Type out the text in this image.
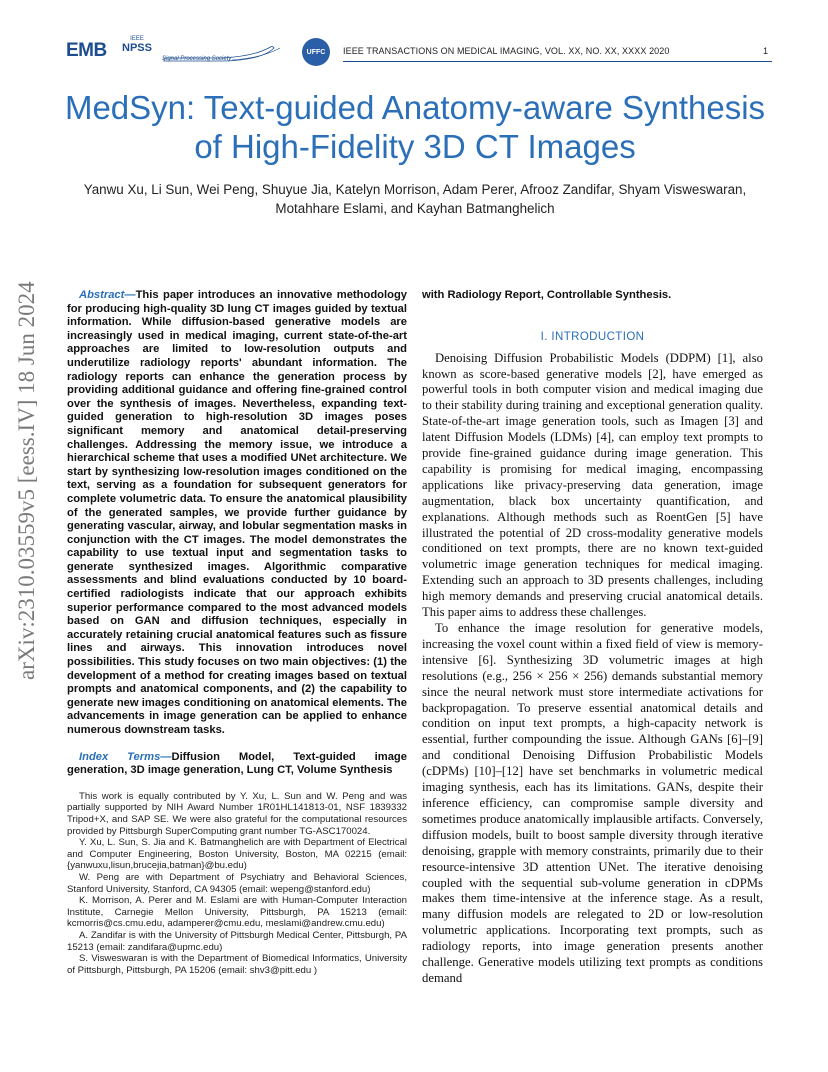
EMB
IEEE
NPSS
Signal Processing Society
UFFC	IEEE TRANSACTIONS ON MEDICAL IMAGING, VOL. XX, NO. XX, XXXX 2020	1
MedSyn: Text-guided Anatomy-aware Synthesis of High-Fidelity 3D CT Images
Yanwu Xu, Li Sun, Wei Peng, Shuyue Jia, Katelyn Morrison, Adam Perer, Afrooz Zandifar, Shyam Visweswaran, Motahhare Eslami, and Kayhan Batmanghelich
arXiv:2310.03559v5 [eess.IV] 18 Jun 2024	Abstract—This paper introduces an innovative methodology for producing high-quality 3D lung CT images guided by textual information. While diffusion-based generative models are increasingly used in medical imaging, current state-of-the-art approaches are limited to low-resolution outputs and underutilize radiology reports' abundant information. The radiology reports can enhance the generation process by providing additional guidance and offering fine-grained control over the synthesis of images. Nevertheless, expanding text-guided generation to high-resolution 3D images poses significant memory and anatomical detail-preserving challenges. Addressing the memory issue, we introduce a hierarchical scheme that uses a modified UNet architecture. We start by synthesizing low-resolution images conditioned on the text, serving as a foundation for subsequent generators for complete volumetric data. To ensure the anatomical plausibility of the generated samples, we provide further guidance by generating vascular, airway, and lobular segmentation masks in conjunction with the CT images. The model demonstrates the capability to use textual input and segmentation tasks to generate synthesized images. Algorithmic comparative assessments and blind evaluations conducted by 10 board-certified radiologists indicate that our approach exhibits superior performance compared to the most advanced models based on GAN and diffusion techniques, especially in accurately retaining crucial anatomical features such as fissure lines and airways. This innovation introduces novel possibilities. This study focuses on two main objectives: (1) the development of a method for creating images based on textual prompts and anatomical components, and (2) the capability to generate new images conditioning on anatomical elements. The advancements in image generation can be applied to enhance numerous downstream tasks.

Index Terms—Diffusion Model, Text-guided image generation, 3D image generation, Lung CT, Volume Synthesis

This work is equally contributed by Y. Xu, L. Sun and W. Peng and was partially supported by NIH Award Number 1R01HL141813-01, NSF 1839332 Tripod+X, and SAP SE. We were also grateful for the computational resources provided by Pittsburgh SuperComputing grant number TG-ASC170024.

Y. Xu, L. Sun, S. Jia and K. Batmanghelich are with Department of Electrical and Computer Engineering, Boston University, Boston, MA 02215 (email: {yanwuxu,lisun,brucejia,batman}@bu.edu)

W. Peng are with Department of Psychiatry and Behavioral Sciences, Stanford University, Stanford, CA 94305 (email: wepeng@stanford.edu)

K. Morrison, A. Perer and M. Eslami are with Human-Computer Interaction Institute, Carnegie Mellon University, Pittsburgh, PA 15213 (email: kcmorris@cs.cmu.edu, adamperer@cmu.edu, meslami@andrew.cmu.edu)

A. Zandifar is with the University of Pittsburgh Medical Center, Pittsburgh, PA 15213 (email: zandifara@upmc.edu)

S. Visweswaran is with the Department of Biomedical Informatics, University of Pittsburgh, Pittsburgh, PA 15206 (email: shv3@pitt.edu )

with Radiology Report, Controllable Synthesis.

I. INTRODUCTION

Denoising Diffusion Probabilistic Models (DDPM) [1], also known as score-based generative models [2], have emerged as powerful tools in both computer vision and medical imaging due to their stability during training and exceptional generation quality. State-of-the-art image generation tools, such as Imagen [3] and latent Diffusion Models (LDMs) [4], can employ text prompts to provide fine-grained guidance during image generation. This capability is promising for medical imaging, encompassing applications like privacy-preserving data generation, image augmentation, black box uncertainty quantification, and explanations. Although methods such as RoentGen [5] have illustrated the potential of 2D cross-modality generative models conditioned on text prompts, there are no known text-guided volumetric image generation techniques for medical imaging. Extending such an approach to 3D presents challenges, including high memory demands and preserving crucial anatomical details. This paper aims to address these challenges.

To enhance the image resolution for generative models, increasing the voxel count within a fixed field of view is memory-intensive [6]. Synthesizing 3D volumetric images at high resolutions (e.g., 256 × 256 × 256) demands substantial memory since the neural network must store intermediate activations for backpropagation. To preserve essential anatomical details and condition on input text prompts, a high-capacity network is essential, further compounding the issue. Although GANs [6]–[9] and conditional Denoising Diffusion Probabilistic Models (cDPMs) [10]–[12] have set benchmarks in volumetric medical imaging synthesis, each has its limitations. GANs, despite their inference efficiency, can compromise sample diversity and sometimes produce anatomically implausible artifacts. Conversely, diffusion models, built to boost sample diversity through iterative denoising, grapple with memory constraints, primarily due to their resource-intensive 3D attention UNet. The iterative denoising coupled with the sequential sub-volume generation in cDPMs makes them time-intensive at the inference stage. As a result, many diffusion models are relegated to 2D or low-resolution volumetric applications. Incorporating text prompts, such as radiology reports, into image generation presents another challenge. Generative models utilizing text prompts as conditions demand
